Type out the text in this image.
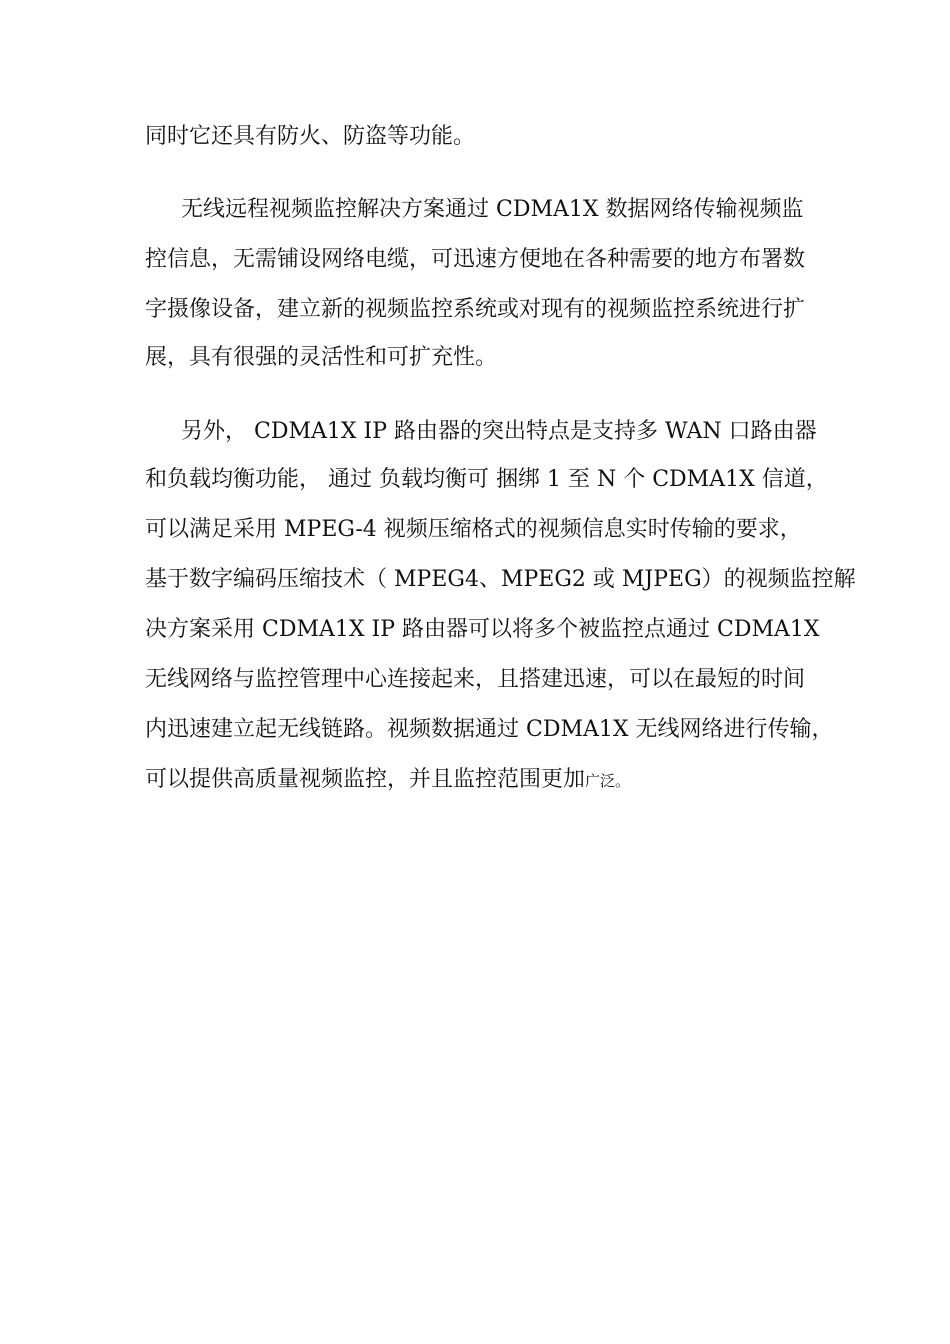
同时它还具有防火、防盗等功能。
无线远程视频监控解决方案通过 CDMA1X 数据网络传输视频监
控信息，无需铺设网络电缆，可迅速方便地在各种需要的地方布署数
字摄像设备，建立新的视频监控系统或对现有的视频监控系统进行扩
展，具有很强的灵活性和可扩充性。
另外， CDMA1X IP 路由器的突出特点是支持多 WAN 口路由器
和负载均衡功能， 通过 负载均衡可 捆绑 1 至 N 个 CDMA1X 信道，
可以满足采用 MPEG-4 视频压缩格式的视频信息实时传输的要求，
基于数字编码压缩技术（ MPEG4、MPEG2 或 MJPEG）的视频监控解
决方案采用 CDMA1X IP 路由器可以将多个被监控点通过 CDMA1X
无线网络与监控管理中心连接起来，且搭建迅速，可以在最短的时间
内迅速建立起无线链路。视频数据通过 CDMA1X 无线网络进行传输，
可以提供高质量视频监控，并且监控范围更加广泛。
